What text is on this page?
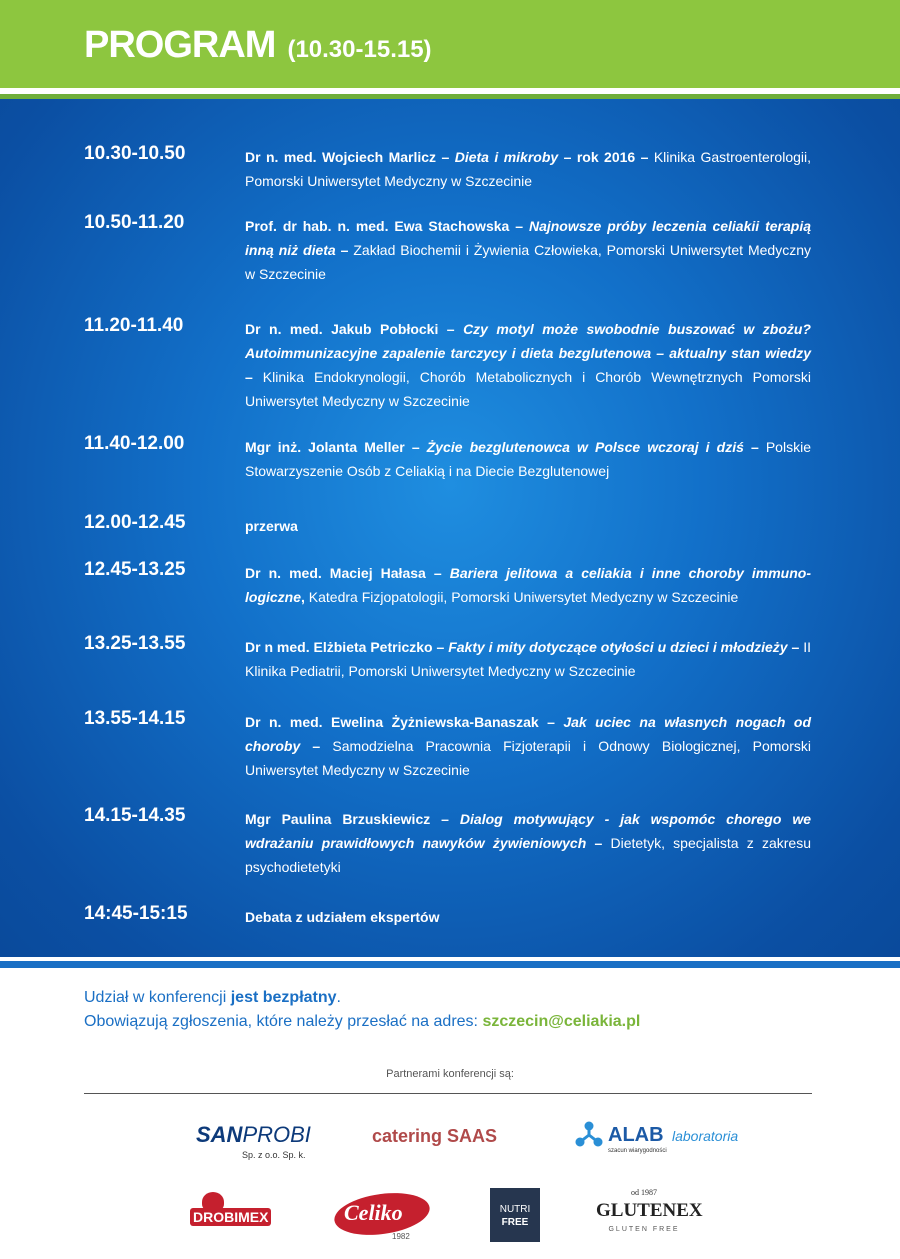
PROGRAM (10.30-15.15)
10.30-10.50	Dr n. med. Wojciech Marlicz – Dieta i mikroby – rok 2016 – Klinika Gastroenterologii, Pomorski Uniwersytet Medyczny w Szczecinie
10.50-11.20	Prof. dr hab. n. med. Ewa Stachowska – Najnowsze próby leczenia celiakii terapią inną niż dieta – Zakład Biochemii i Żywienia Człowieka, Pomorski Uniwersytet Medyczny w Szczecinie
11.20-11.40	Dr n. med. Jakub Pobłocki – Czy motyl może swobodnie buszować w zbożu? Autoimmunizacyjne zapalenie tarczycy i dieta bezglutenowa – aktualny stan wiedzy – Klinika Endokrynologii, Chorób Metabolicznych i Chorób Wewnętrznych Pomorski Uniwersytet Medyczny w Szczecinie
11.40-12.00	Mgr inż. Jolanta Meller – Życie bezglutenowca w Polsce wczoraj i dziś – Polskie Stowarzyszenie Osób z Celiakią i na Diecie Bezglutenowej
12.00-12.45	przerwa
12.45-13.25	Dr n. med. Maciej Hałasa – Bariera jelitowa a celiakia i inne choroby immuno-logiczne, Katedra Fizjopatologii, Pomorski Uniwersytet Medyczny w Szczecinie
13.25-13.55	Dr n med. Elżbieta Petriczko – Fakty i mity dotyczące otyłości u dzieci i młodzieży – II Klinika Pediatrii, Pomorski Uniwersytet Medyczny w Szczecinie
13.55-14.15	Dr n. med. Ewelina Żyżniewska-Banaszak – Jak uciec na własnych nogach od choroby – Samodzielna Pracownia Fizjoterapii i Odnowy Biologicznej, Pomorski Uniwersytet Medyczny w Szczecinie
14.15-14.35	Mgr Paulina Brzuskiewicz – Dialog motywujący - jak wspomóc chorego we wdrażaniu prawidłowych nawyków żywieniowych – Dietetyk, specjalista z zakresu psychodietetyki
14:45-15:15	Debata z udziałem ekspertów
Udział w konferencji jest bezpłatny.
Obowiązują zgłoszenia, które należy przesłać na adres: szczecin@celiakia.pl
Partnerami konferencji są:
SANPROBI
Sp. z o.o. Sp. k.
catering SAAS	ALAB laboratoria
szacun wiarygodności
DROBIMEX	Celiko
1982
NUTRI
FREE
od 1987
GLUTENEX
GLUTEN FREE
